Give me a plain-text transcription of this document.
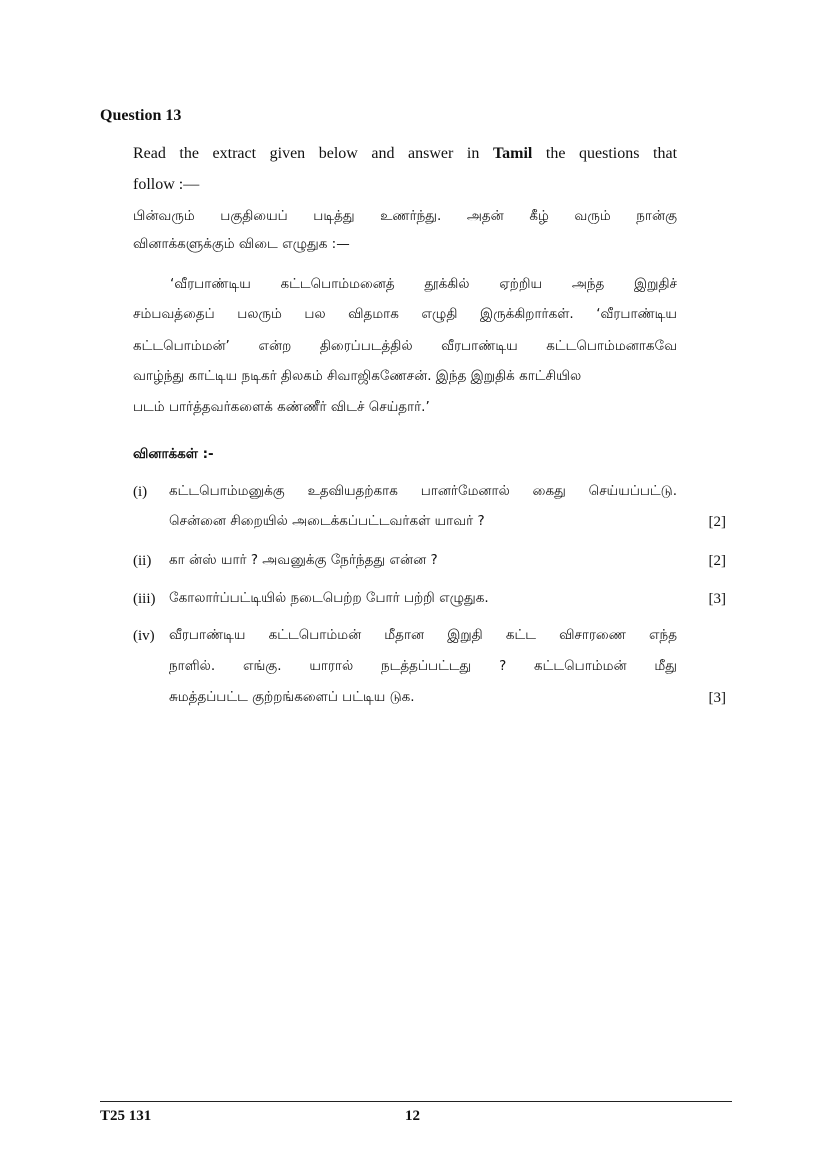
Question 13
Read the extract given below and answer in Tamil the questions that
follow :—
பின்வரும் பகுதியைப் படித்து உணர்ந்து. அதன் கீழ் வரும் நான்கு
வினாக்களுக்கும் விடை எழுதுக :—
‘வீரபாண்டிய கட்டபொம்மனைத் தூக்கில் ஏற்றிய அந்த இறுதிச்
சம்பவத்தைப் பலரும் பல விதமாக எழுதி இருக்கிறார்கள். ‘வீரபாண்டிய
கட்டபொம்மன்’ என்ற திரைப்படத்தில் வீரபாண்டிய கட்டபொம்மனாகவே
வாழ்ந்து காட்டிய நடிகர் திலகம் சிவாஜிகணேசன். இந்த இறுதிக் காட்சியில
படம் பார்த்தவர்களைக் கண்ணீர் விடச் செய்தார்.’
வினாக்கள் :-
(i) கட்டபொம்மனுக்கு உதவியதற்காக பானர்மேனால் கைது செய்யப்பட்டு.
சென்னை சிறையில் அடைக்கப்பட்டவர்கள் யாவர் ?	[2]
(ii) கா ன்ஸ் யார் ? அவனுக்கு நேர்ந்தது என்ன ?	[2]
(iii) கோலார்ப்பட்டியில் நடைபெற்ற போர் பற்றி எழுதுக.	[3]
(iv) வீரபாண்டிய கட்டபொம்மன் மீதான இறுதி கட்ட விசாரணை எந்த
நாளில். எங்கு. யாரால் நடத்தப்பட்டது ? கட்டபொம்மன் மீது
சுமத்தப்பட்ட குற்றங்களைப் பட்டிய டுக.	[3]
T25 131	12
